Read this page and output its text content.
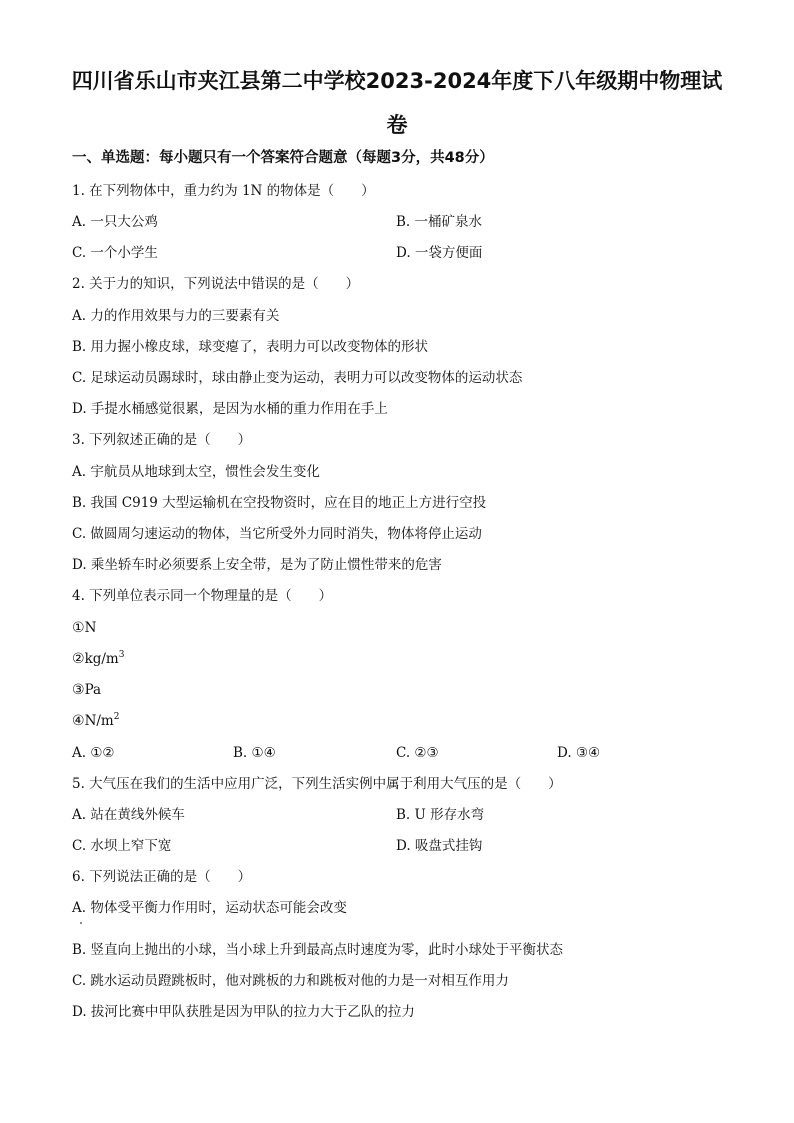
四川省乐山市夹江县第二中学校2023-2024年度下八年级期中物理试
卷
一、单选题：每小题只有一个答案符合题意（每题3分，共48分）
1. 在下列物体中，重力约为 1N 的物体是（　　）
A. 一只大公鸡	B. 一桶矿泉水
C. 一个小学生	D. 一袋方便面
2. 关于力的知识，下列说法中错误的是（　　）
A. 力的作用效果与力的三要素有关
B. 用力握小橡皮球，球变瘪了，表明力可以改变物体的形状
C. 足球运动员踢球时，球由静止变为运动，表明力可以改变物体的运动状态
D. 手提水桶感觉很累，是因为水桶的重力作用在手上
3. 下列叙述正确的是（　　）
A. 宇航员从地球到太空，惯性会发生变化
B. 我国 C919 大型运输机在空投物资时，应在目的地正上方进行空投
C. 做圆周匀速运动的物体，当它所受外力同时消失，物体将停止运动
D. 乘坐轿车时必须要系上安全带，是为了防止惯性带来的危害
4. 下列单位表示同一个物理量的是（　　）
①N
②kg/$m^3$
③Pa
$④N/m^2$
A. ①②	B. ①④	C. ②③	D. ③④
5. 大气压在我们的生活中应用广泛，下列生活实例中属于利用大气压的是（　　）
A. 站在黄线外候车	B. U 形存水弯
C. 水坝上窄下宽	D. 吸盘式挂钩
6. 下列说法正确的是（　　）
A. 物体受平衡力作用时，运动状态可能会改变
B. 竖直向上抛出的小球，当小球上升到最高点时速度为零，此时小球处于平衡状态
C. 跳水运动员蹬跳板时，他对跳板的力和跳板对他的力是一对相互作用力
D. 拔河比赛中甲队获胜是因为甲队的拉力大于乙队的拉力
